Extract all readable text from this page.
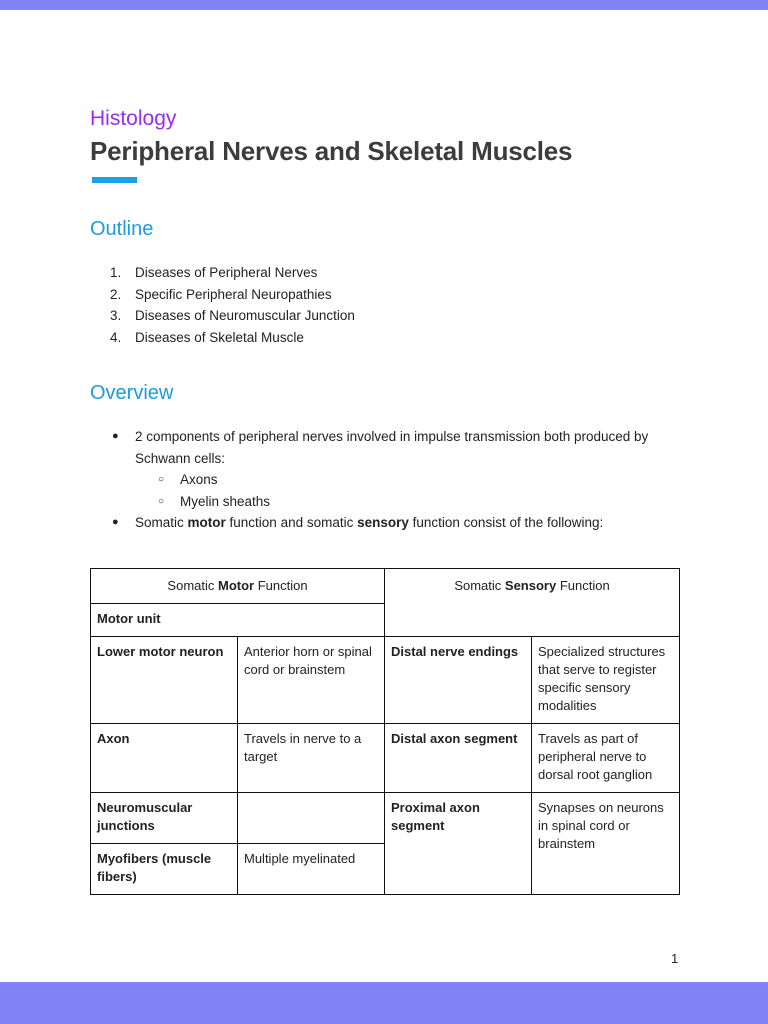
Histology
Peripheral Nerves and Skeletal Muscles
Outline
1. Diseases of Peripheral Nerves
2. Specific Peripheral Neuropathies
3. Diseases of Neuromuscular Junction
4. Diseases of Skeletal Muscle
Overview
● 2 components of peripheral nerves involved in impulse transmission both produced by Schwann cells:
○ Axons
○ Myelin sheaths
● Somatic motor function and somatic sensory function consist of the following:
Somatic Motor Function		Somatic Sensory Function	
Motor unit			
Lower motor neuron	Anterior horn or spinal cord or brainstem	Distal nerve endings	Specialized structures that serve to register specific sensory modalities
Axon	Travels in nerve to a target	Distal axon segment	Travels as part of peripheral nerve to dorsal root ganglion
Neuromuscular junctions		Proximal axon segment	Synapses on neurons in spinal cord or brainstem
Myofibers (muscle fibers)	Multiple myelinated		
1
